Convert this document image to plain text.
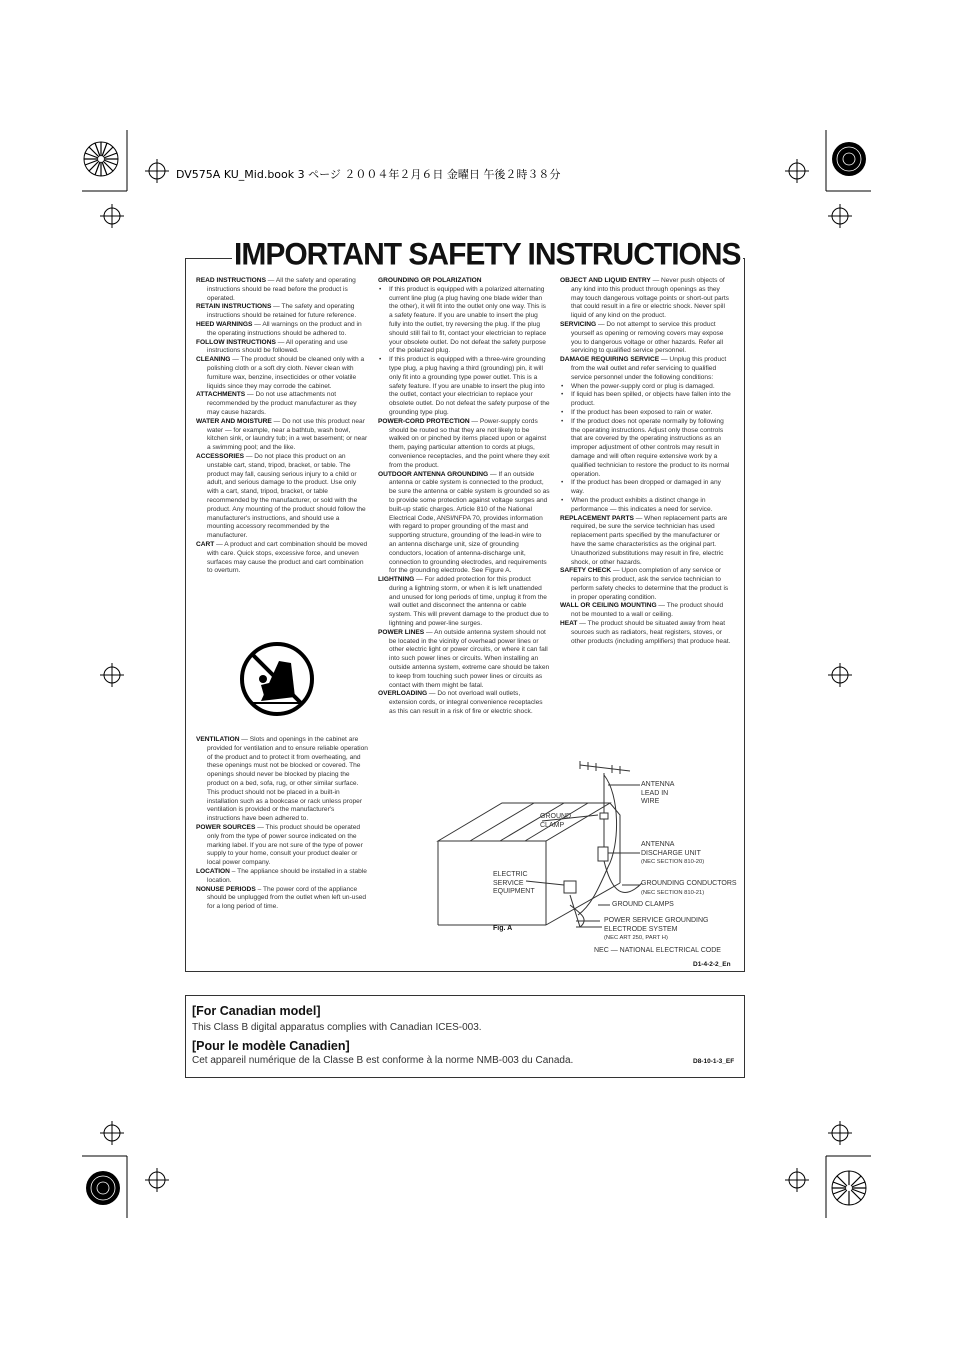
DV575A KU_Mid.book 3 ページ ２００４年２月６日 金曜日 午後２時３８分
IMPORTANT SAFETY INSTRUCTIONS

READ INSTRUCTIONS — All the safety and operating instructions should be read before the product is operated.

RETAIN INSTRUCTIONS — The safety and operating instructions should be retained for future reference.

HEED WARNINGS — All warnings on the product and in the operating instructions should be adhered to.

FOLLOW INSTRUCTIONS — All operating and use instructions should be followed.

CLEANING — The product should be cleaned only with a polishing cloth or a soft dry cloth. Never clean with furniture wax, benzine, insecticides or other volatile liquids since they may corrode the cabinet.

ATTACHMENTS — Do not use attachments not recommended by the product manufacturer as they may cause hazards.

WATER AND MOISTURE — Do not use this product near water — for example, near a bathtub, wash bowl, kitchen sink, or laundry tub; in a wet basement; or near a swimming pool; and the like.

ACCESSORIES — Do not place this product on an unstable cart, stand, tripod, bracket, or table. The product may fall, causing serious injury to a child or adult, and serious damage to the product. Use only with a cart, stand, tripod, bracket, or table recommended by the manufacturer, or sold with the product. Any mounting of the product should follow the manufacturer's instructions, and should use a mounting accessory recommended by the manufacturer.

CART — A product and cart combination should be moved with care. Quick stops, excessive force, and uneven surfaces may cause the product and cart combination to overturn.

VENTILATION — Slots and openings in the cabinet are provided for ventilation and to ensure reliable operation of the product and to protect it from overheating, and these openings must not be blocked or covered. The openings should never be blocked by placing the product on a bed, sofa, rug, or other similar surface. This product should not be placed in a built-in installation such as a bookcase or rack unless proper ventilation is provided or the manufacturer's instructions have been adhered to.

POWER SOURCES — This product should be operated only from the type of power source indicated on the marking label. If you are not sure of the type of power supply to your home, consult your product dealer or local power company.

LOCATION – The appliance should be installed in a stable location.

NONUSE PERIODS – The power cord of the appliance should be unplugged from the outlet when left un-used for a long period of time.

GROUNDING OR POLARIZATION

• If this product is equipped with a polarized alternating current line plug (a plug having one blade wider than the other), it will fit into the outlet only one way. This is a safety feature. If you are unable to insert the plug fully into the outlet, try reversing the plug. If the plug should still fail to fit, contact your electrician to replace your obsolete outlet. Do not defeat the safety purpose of the polarized plug.
• If this product is equipped with a three-wire grounding type plug, a plug having a third (grounding) pin, it will only fit into a grounding type power outlet. This is a safety feature. If you are unable to insert the plug into the outlet, contact your electrician to replace your obsolete outlet. Do not defeat the safety purpose of the grounding type plug.

POWER-CORD PROTECTION — Power-supply cords should be routed so that they are not likely to be walked on or pinched by items placed upon or against them, paying particular attention to cords at plugs, convenience receptacles, and the point where they exit from the product.

OUTDOOR ANTENNA GROUNDING — If an outside antenna or cable system is connected to the product, be sure the antenna or cable system is grounded so as to provide some protection against voltage surges and built-up static charges. Article 810 of the National Electrical Code, ANSI/NFPA 70, provides information with regard to proper grounding of the mast and supporting structure, grounding of the lead-in wire to an antenna discharge unit, size of grounding conductors, location of antenna-discharge unit, connection to grounding electrodes, and requirements for the grounding electrode. See Figure A.

LIGHTNING — For added protection for this product during a lightning storm, or when it is left unattended and unused for long periods of time, unplug it from the wall outlet and disconnect the antenna or cable system. This will prevent damage to the product due to lightning and power-line surges.

POWER LINES — An outside antenna system should not be located in the vicinity of overhead power lines or other electric light or power circuits, or where it can fall into such power lines or circuits. When installing an outside antenna system, extreme care should be taken to keep from touching such power lines or circuits as contact with them might be fatal.

OVERLOADING — Do not overload wall outlets, extension cords, or integral convenience receptacles as this can result in a risk of fire or electric shock.

OBJECT AND LIQUID ENTRY — Never push objects of any kind into this product through openings as they may touch dangerous voltage points or short-out parts that could result in a fire or electric shock. Never spill liquid of any kind on the product.

SERVICING — Do not attempt to service this product yourself as opening or removing covers may expose you to dangerous voltage or other hazards. Refer all servicing to qualified service personnel.

DAMAGE REQUIRING SERVICE — Unplug this product from the wall outlet and refer servicing to qualified service personnel under the following conditions:

• When the power-supply cord or plug is damaged.
• If liquid has been spilled, or objects have fallen into the product.
• If the product has been exposed to rain or water.
• If the product does not operate normally by following the operating instructions. Adjust only those controls that are covered by the operating instructions as an improper adjustment of other controls may result in damage and will often require extensive work by a qualified technician to restore the product to its normal operation.
• If the product has been dropped or damaged in any way.
• When the product exhibits a distinct change in performance — this indicates a need for service.

REPLACEMENT PARTS — When replacement parts are required, be sure the service technician has used replacement parts specified by the manufacturer or have the same characteristics as the original part. Unauthorized substitutions may result in fire, electric shock, or other hazards.

SAFETY CHECK — Upon completion of any service or repairs to this product, ask the service technician to perform safety checks to determine that the product is in proper operating condition.

WALL OR CEILING MOUNTING — The product should not be mounted to a wall or ceiling.

HEAT — The product should be situated away from heat sources such as radiators, heat registers, stoves, or other products (including amplifiers) that produce heat.

ANTENNA
LEAD IN
WIRE
GROUND
CLAMP
ANTENNA
DISCHARGE UNIT
(NEC SECTION 810-20)
ELECTRIC
SERVICE
EQUIPMENT
GROUNDING CONDUCTORS
(NEC SECTION 810-21)
GROUND CLAMPS
POWER SERVICE GROUNDING
ELECTRODE SYSTEM
(NEC ART 250, PART H)
NEC — NATIONAL ELECTRICAL CODE
Fig. A
D1-4-2-2_En
[For Canadian model]
This Class B digital apparatus complies with Canadian ICES-003.
[Pour le modèle Canadien]
Cet appareil numérique de la Classe B est conforme à la norme NMB-003 du Canada.	D8-10-1-3_EF
